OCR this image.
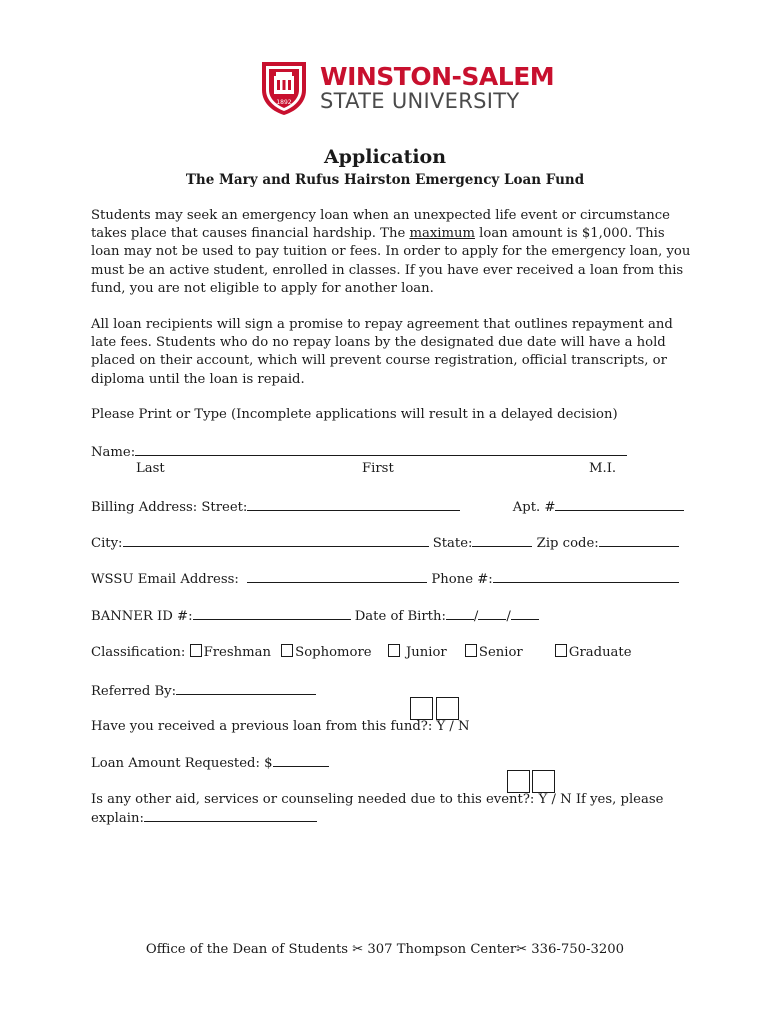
1892
WINSTON-SALEM
STATE UNIVERSITY
Application
The Mary and Rufus Hairston Emergency Loan Fund
Students may seek an emergency loan when an unexpected life event or circumstance takes place that causes financial hardship. The maximum loan amount is $1,000. This loan may not be used to pay tuition or fees. In order to apply for the emergency loan, you must be an active student, enrolled in classes. If you have ever received a loan from this fund, you are not eligible to apply for another loan.
All loan recipients will sign a promise to repay agreement that outlines repayment and late fees. Students who do no repay loans by the designated due date will have a hold placed on their account, which will prevent course registration, official transcripts, or diploma until the loan is repaid.
Please Print or Type (Incomplete applications will result in a delayed decision)
Name:
Last	First	M.I.
Billing Address: Street:	Apt. #
City:	State:	Zip code:
WSSU Email Address:	Phone #:
BANNER ID #:	Date of Birth: / /
Classification: Freshman Sophomore	Junior Senior	Graduate
Referred By:
Have you received a previous loan from this fund?: Y / N
Loan Amount Requested: $
Is any other aid, services or counseling needed due to this event?: Y / N If yes, please
explain:
Office of the Dean of Students ✂ 307 Thompson Center✂ 336-750-3200
